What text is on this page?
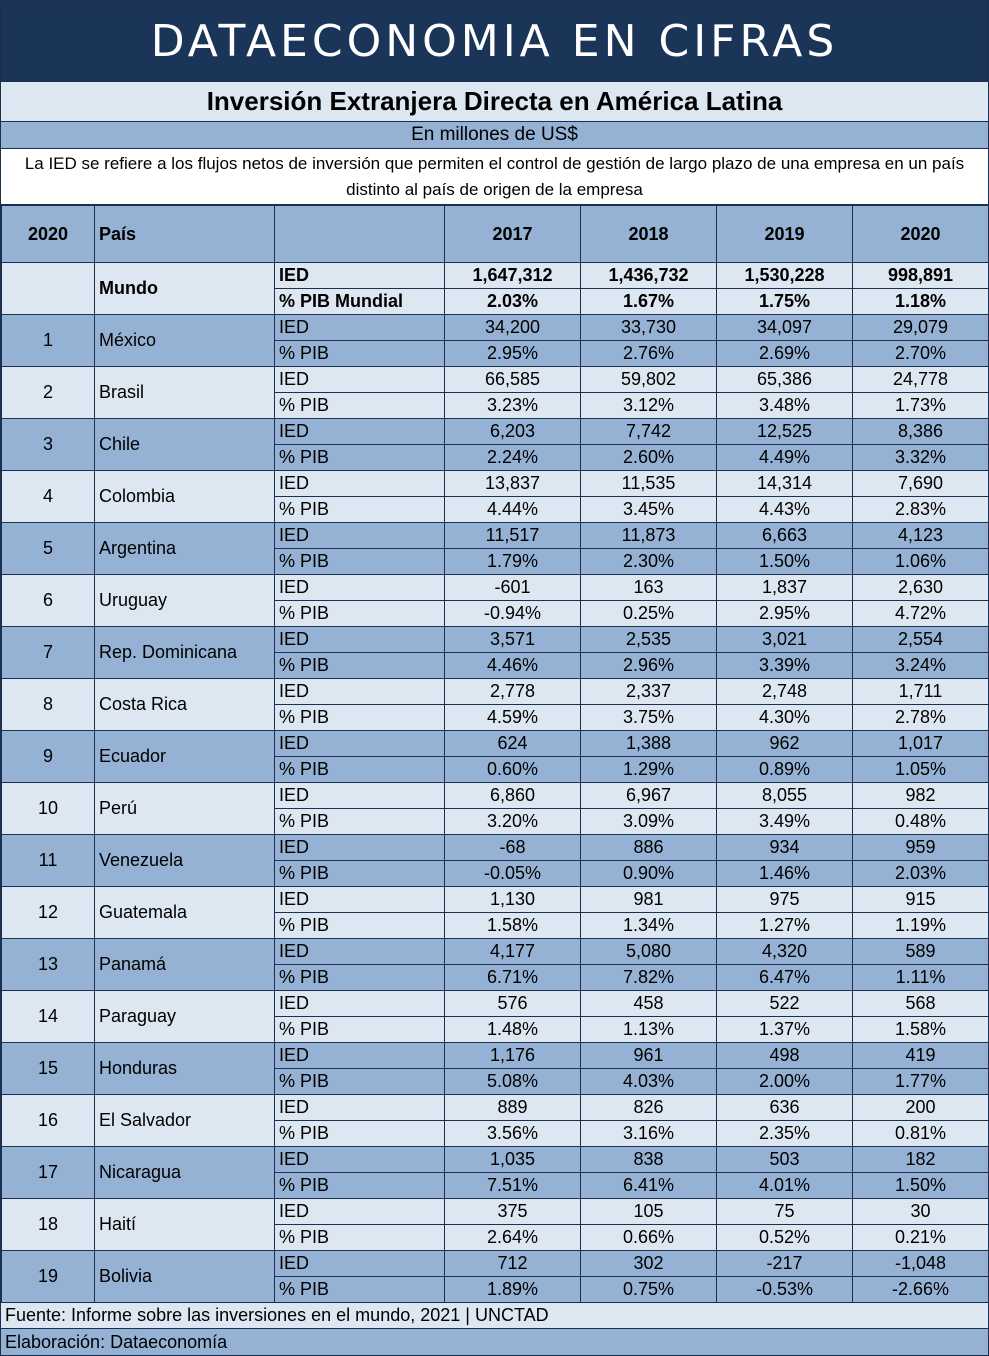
DATAECONOMIA EN CIFRAS
Inversión Extranjera Directa en América Latina
En millones de US$
La IED se refiere a los flujos netos de inversión que permiten el control de gestión de largo plazo de una empresa en un país distinto al país de origen de la empresa
2020	País		2017	2018	2019	2020
	Mundo	IED	1,647,312	1,436,732	1,530,228	998,891
		% PIB Mundial	2.03%	1.67%	1.75%	1.18%
1	México	IED	34,200	33,730	34,097	29,079
		% PIB	2.95%	2.76%	2.69%	2.70%
2	Brasil	IED	66,585	59,802	65,386	24,778
		% PIB	3.23%	3.12%	3.48%	1.73%
3	Chile	IED	6,203	7,742	12,525	8,386
		% PIB	2.24%	2.60%	4.49%	3.32%
4	Colombia	IED	13,837	11,535	14,314	7,690
		% PIB	4.44%	3.45%	4.43%	2.83%
5	Argentina	IED	11,517	11,873	6,663	4,123
		% PIB	1.79%	2.30%	1.50%	1.06%
6	Uruguay	IED	-601	163	1,837	2,630
		% PIB	-0.94%	0.25%	2.95%	4.72%
7	Rep. Dominicana	IED	3,571	2,535	3,021	2,554
		% PIB	4.46%	2.96%	3.39%	3.24%
8	Costa Rica	IED	2,778	2,337	2,748	1,711
		% PIB	4.59%	3.75%	4.30%	2.78%
9	Ecuador	IED	624	1,388	962	1,017
		% PIB	0.60%	1.29%	0.89%	1.05%
10	Perú	IED	6,860	6,967	8,055	982
		% PIB	3.20%	3.09%	3.49%	0.48%
11	Venezuela	IED	-68	886	934	959
		% PIB	-0.05%	0.90%	1.46%	2.03%
12	Guatemala	IED	1,130	981	975	915
		% PIB	1.58%	1.34%	1.27%	1.19%
13	Panamá	IED	4,177	5,080	4,320	589
		% PIB	6.71%	7.82%	6.47%	1.11%
14	Paraguay	IED	576	458	522	568
		% PIB	1.48%	1.13%	1.37%	1.58%
15	Honduras	IED	1,176	961	498	419
		% PIB	5.08%	4.03%	2.00%	1.77%
16	El Salvador	IED	889	826	636	200
		% PIB	3.56%	3.16%	2.35%	0.81%
17	Nicaragua	IED	1,035	838	503	182
		% PIB	7.51%	6.41%	4.01%	1.50%
18	Haití	IED	375	105	75	30
		% PIB	2.64%	0.66%	0.52%	0.21%
19	Bolivia	IED	712	302	-217	-1,048
		% PIB	1.89%	0.75%	-0.53%	-2.66%
Fuente: Informe sobre las inversiones en el mundo, 2021 | UNCTAD
Elaboración: Dataeconomía
